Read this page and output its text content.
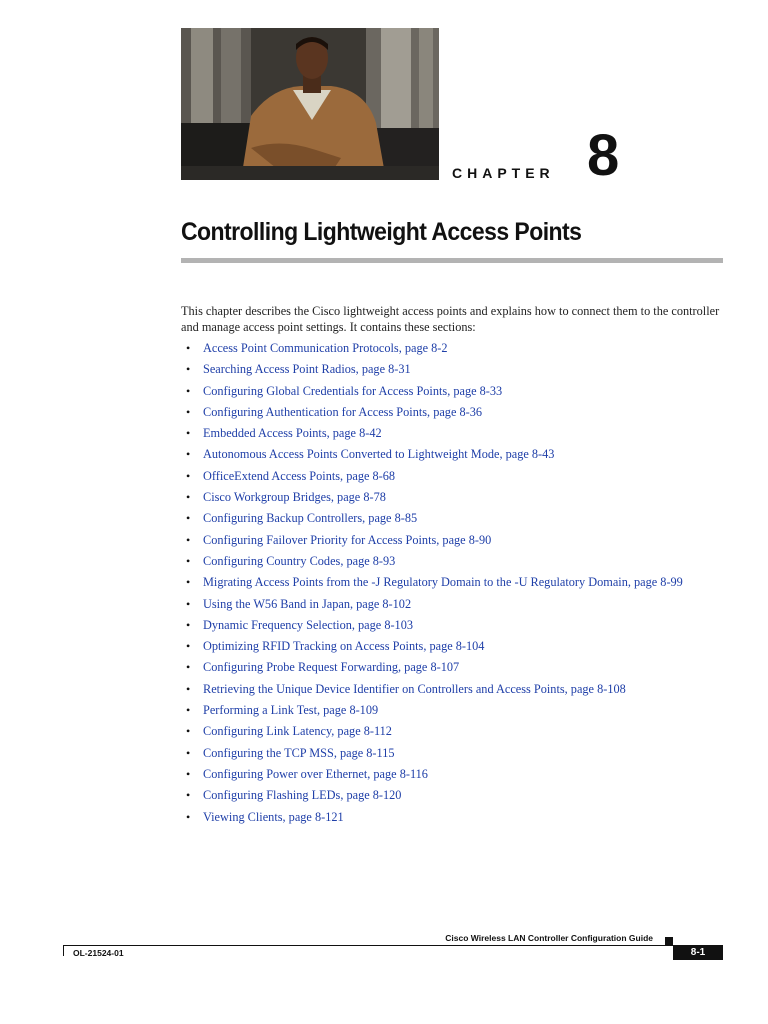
CHAPTER 8
Controlling Lightweight Access Points

This chapter describes the Cisco lightweight access points and explains how to connect them to the controller and manage access point settings. It contains these sections:

• Access Point Communication Protocols, page 8-2
• Searching Access Point Radios, page 8-31
• Configuring Global Credentials for Access Points, page 8-33
• Configuring Authentication for Access Points, page 8-36
• Embedded Access Points, page 8-42
• Autonomous Access Points Converted to Lightweight Mode, page 8-43
• OfficeExtend Access Points, page 8-68
• Cisco Workgroup Bridges, page 8-78
• Configuring Backup Controllers, page 8-85
• Configuring Failover Priority for Access Points, page 8-90
• Configuring Country Codes, page 8-93
• Migrating Access Points from the -J Regulatory Domain to the -U Regulatory Domain, page 8-99
• Using the W56 Band in Japan, page 8-102
• Dynamic Frequency Selection, page 8-103
• Optimizing RFID Tracking on Access Points, page 8-104
• Configuring Probe Request Forwarding, page 8-107
• Retrieving the Unique Device Identifier on Controllers and Access Points, page 8-108
• Performing a Link Test, page 8-109
• Configuring Link Latency, page 8-112
• Configuring the TCP MSS, page 8-115
• Configuring Power over Ethernet, page 8-116
• Configuring Flashing LEDs, page 8-120
• Viewing Clients, page 8-121
Cisco Wireless LAN Controller Configuration Guide
OL-21524-01	8-1
